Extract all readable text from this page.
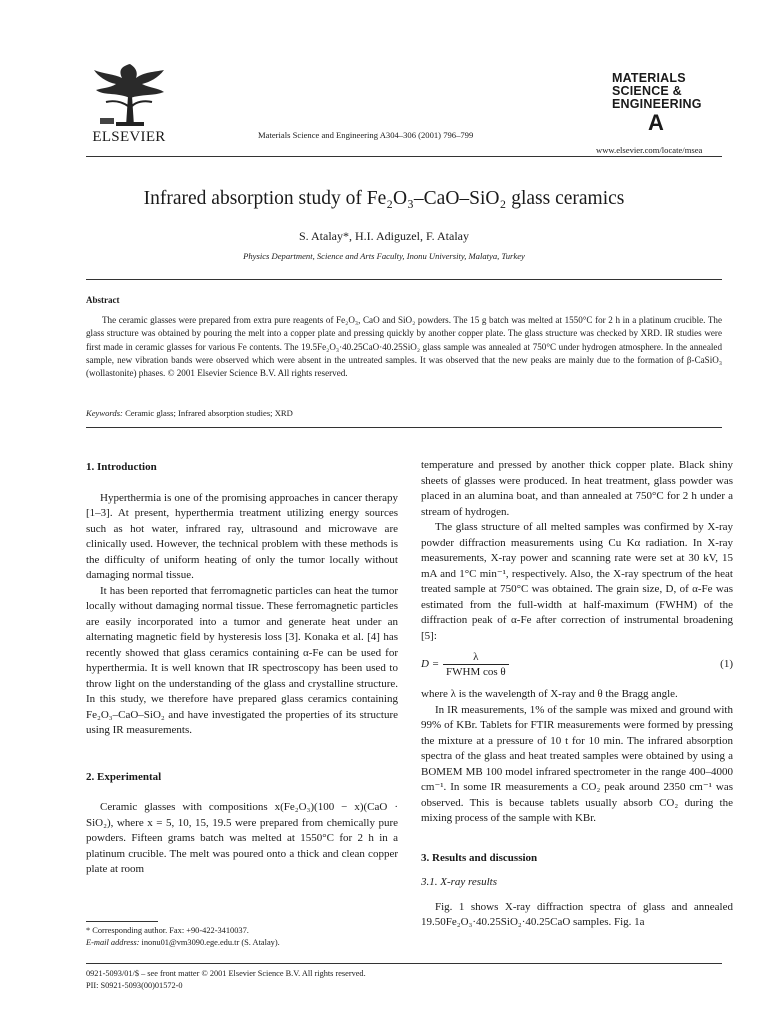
ELSEVIER	Materials Science and Engineering A304–306 (2001) 796–799
MATERIALS
SCIENCE &
ENGINEERING
A
www.elsevier.com/locate/msea
Infrared absorption study of Fe₂O₃–CaO–SiO₂ glass ceramics
S. Atalay*, H.I. Adiguzel, F. Atalay
Physics Department, Science and Arts Faculty, Inonu University, Malatya, Turkey
Abstract
The ceramic glasses were prepared from extra pure reagents of Fe₂O₃, CaO and SiO₂ powders. The 15 g batch was melted at 1550°C for 2 h in a platinum crucible. The glass structure was obtained by pouring the melt into a copper plate and pressing quickly by another copper plate. The glass structure was checked by XRD. IR studies were first made in ceramic glasses for various Fe contents. The 19.5Fe₂O₃·40.25CaO·40.25SiO₂ glass sample was annealed at 750°C under hydrogen atmosphere. In the annealed sample, new vibration bands were observed which were absent in the untreated samples. It was observed that the new peaks are mainly due to the formation of β-CaSiO₃ (wollastonite) phases. © 2001 Elsevier Science B.V. All rights reserved.
Keywords: Ceramic glass; Infrared absorption studies; XRD
1. Introduction

Hyperthermia is one of the promising approaches in cancer therapy [1–3]. At present, hyperthermia treatment utilizing energy sources such as hot water, infrared ray, ultrasound and microwave are clinically used. However, the technical problem with these methods is the difficulty of uniform heating of only the tumor locally without damaging normal tissue.

It has been reported that ferromagnetic particles can heat the tumor locally without damaging normal tissue. These ferromagnetic particles are easily incorporated into a tumor and generate heat under an alternating magnetic field by hysteresis loss [3]. Konaka et al. [4] has recently showed that glass ceramics containing α-Fe can be used for hyperthermia. It is well known that IR spectroscopy has been used to throw light on the understanding of the glass and crystalline structure. In this study, we therefore have prepared glass ceramics containing Fe₂O₃–CaO–SiO₂ and have investigated the properties of its structure using IR measurements.

2. Experimental

Ceramic glasses with compositions x(Fe₂O₃)(100 − x)(CaO · SiO₂), where x = 5, 10, 15, 19.5 were prepared from chemically pure powders. Fifteen grams batch was melted at 1550°C for 2 h in a platinum crucible. The melt was poured onto a thick and clean copper plate at room

temperature and pressed by another thick copper plate. Black shiny sheets of glasses were produced. In heat treatment, glass powder was placed in an alumina boat, and than annealed at 750°C for 2 h under a stream of hydrogen.

The glass structure of all melted samples was confirmed by X-ray powder diffraction measurements using Cu Kα radiation. In X-ray measurements, X-ray power and scanning rate were set at 30 kV, 15 mA and 1°C min⁻¹, respectively. Also, the X-ray spectrum of the heat treated sample at 750°C was obtained. The grain size, D, of α-Fe was estimated from the full-width at half-maximum (FWHM) of the diffraction peak of α-Fe after correction of instrumental broadening [5]:

$D = \frac{\lambda}{\text{FWHM cos θ}}$	(1)

where λ is the wavelength of X-ray and θ the Bragg angle.

In IR measurements, 1% of the sample was mixed and ground with 99% of KBr. Tablets for FTIR measurements were formed by pressing the mixture at a pressure of 10 t for 10 min. The infrared absorption spectra of the glass and heat treated samples were obtained by using a BOMEM MB 100 model infrared spectrometer in the range 400–4000 cm⁻¹. In some IR measurements a CO₂ peak around 2350 cm⁻¹ was observed. This is because tablets usually absorb CO₂ during the mixing process of the sample with KBr.

3. Results and discussion
3.1. X-ray results

Fig. 1 shows X-ray diffraction spectra of glass and annealed 19.50Fe₂O₃·40.25SiO₂·40.25CaO samples. Fig. 1a

* Corresponding author. Fax: +90-422-3410037.
E-mail address: inonu01@vm3090.ege.edu.tr (S. Atalay).
0921-5093/01/$ – see front matter © 2001 Elsevier Science B.V. All rights reserved.
PII: S0921-5093(00)01572-0
